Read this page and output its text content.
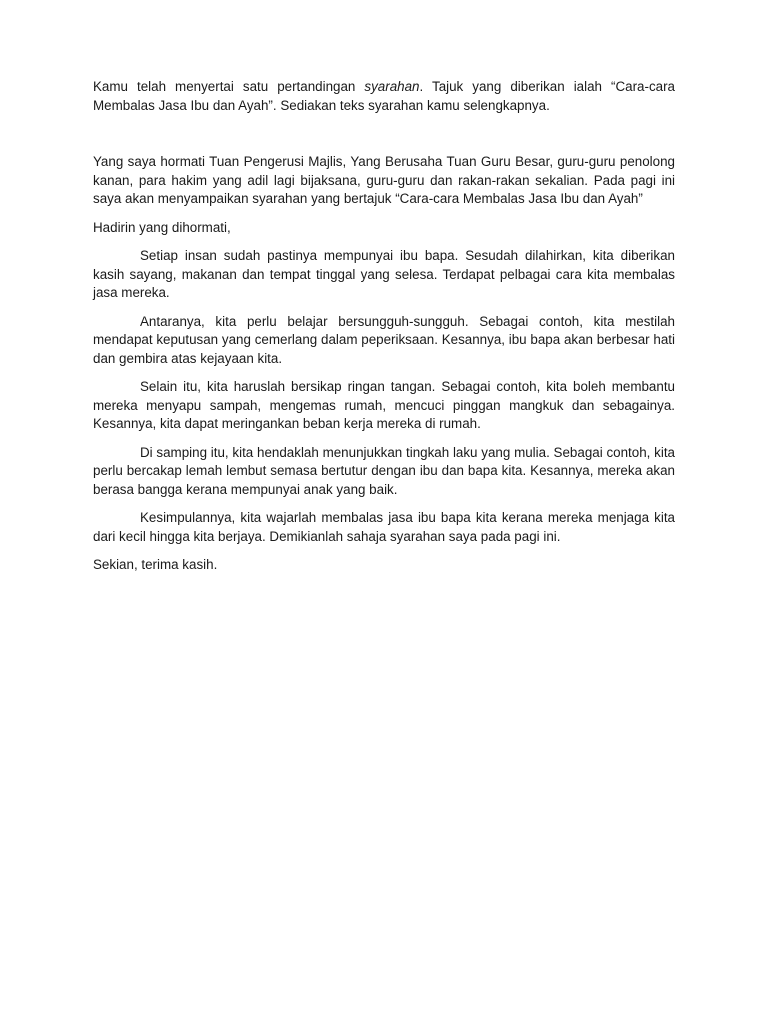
Kamu telah menyertai satu pertandingan syarahan. Tajuk yang diberikan ialah “Cara-cara Membalas Jasa Ibu dan Ayah”. Sediakan teks syarahan kamu selengkapnya.

Yang saya hormati Tuan Pengerusi Majlis, Yang Berusaha Tuan Guru Besar, guru-guru penolong kanan, para hakim yang adil lagi bijaksana, guru-guru dan rakan-rakan sekalian. Pada pagi ini saya akan menyampaikan syarahan yang bertajuk “Cara-cara Membalas Jasa Ibu dan Ayah”

Hadirin yang dihormati,

Setiap insan sudah pastinya mempunyai ibu bapa. Sesudah dilahirkan, kita diberikan kasih sayang, makanan dan tempat tinggal yang selesa. Terdapat pelbagai cara kita membalas jasa mereka.

Antaranya, kita perlu belajar bersungguh-sungguh. Sebagai contoh, kita mestilah mendapat keputusan yang cemerlang dalam peperiksaan. Kesannya, ibu bapa akan berbesar hati dan gembira atas kejayaan kita.

Selain itu, kita haruslah bersikap ringan tangan. Sebagai contoh, kita boleh membantu mereka menyapu sampah, mengemas rumah, mencuci pinggan mangkuk dan sebagainya. Kesannya, kita dapat meringankan beban kerja mereka di rumah.

Di samping itu, kita hendaklah menunjukkan tingkah laku yang mulia. Sebagai contoh, kita perlu bercakap lemah lembut semasa bertutur dengan ibu dan bapa kita. Kesannya, mereka akan berasa bangga kerana mempunyai anak yang baik.

Kesimpulannya, kita wajarlah membalas jasa ibu bapa kita kerana mereka menjaga kita dari kecil hingga kita berjaya. Demikianlah sahaja syarahan saya pada pagi ini.

Sekian, terima kasih.
